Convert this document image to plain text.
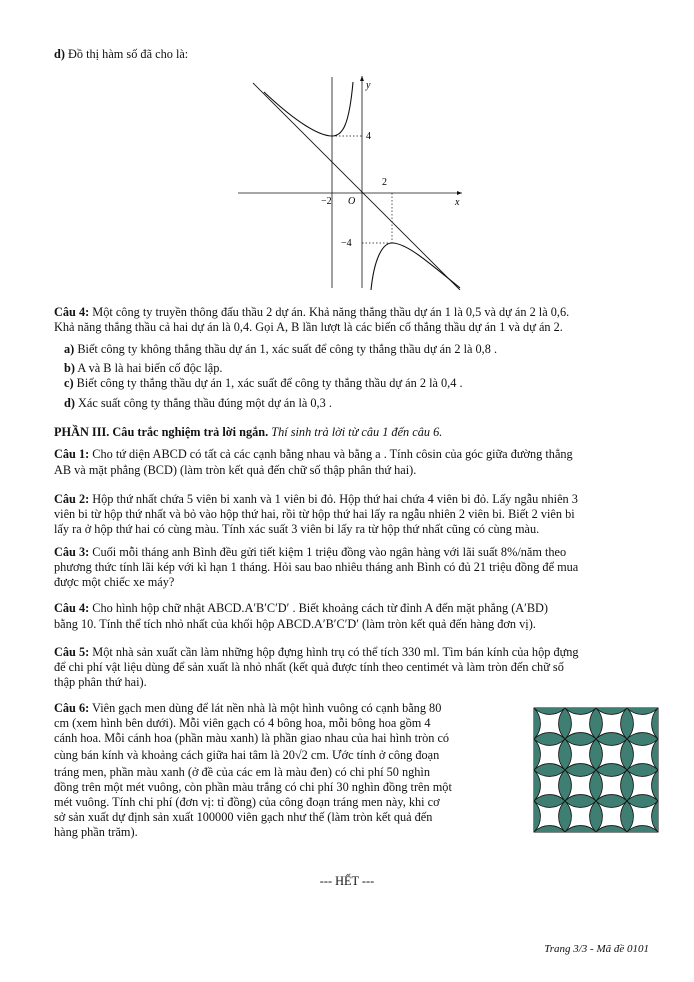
d) Đồ thị hàm số đã cho là:
y
x
4
2
−2 O
−4
Câu 4: Một công ty truyền thông đấu thầu 2 dự án. Khả năng thắng thầu dự án 1 là 0,5 và dự án 2 là 0,6.
Khả năng thắng thầu cả hai dự án là 0,4. Gọi A, B lần lượt là các biến cố thắng thầu dự án 1 và dự án 2.
a) Biết công ty không thắng thầu dự án 1, xác suất để công ty thắng thầu dự án 2 là 0,8 .
b) A và B là hai biến cố độc lập.
c) Biết công ty thắng thầu dự án 1, xác suất để công ty thắng thầu dự án 2 là 0,4 .
d) Xác suất công ty thắng thầu đúng một dự án là 0,3 .
PHẦN III. Câu trắc nghiệm trả lời ngắn. Thí sinh trả lời từ câu 1 đến câu 6.
Câu 1: Cho tứ diện ABCD có tất cả các cạnh bằng nhau và bằng a . Tính côsin của góc giữa đường thẳng
AB và mặt phẳng (BCD) (làm tròn kết quả đến chữ số thập phân thứ hai).
Câu 2: Hộp thứ nhất chứa 5 viên bi xanh và 1 viên bi đỏ. Hộp thứ hai chứa 4 viên bi đỏ. Lấy ngẫu nhiên 3
viên bi từ hộp thứ nhất và bỏ vào hộp thứ hai, rồi từ hộp thứ hai lấy ra ngẫu nhiên 2 viên bi. Biết 2 viên bi
lấy ra ở hộp thứ hai có cùng màu. Tính xác suất 3 viên bi lấy ra từ hộp thứ nhất cũng có cùng màu.
Câu 3: Cuối mỗi tháng anh Bình đều gửi tiết kiệm 1 triệu đồng vào ngân hàng với lãi suất 8%/năm theo
phương thức tính lãi kép với kì hạn 1 tháng. Hỏi sau bao nhiêu tháng anh Bình có đủ 21 triệu đồng để mua
được một chiếc xe máy?
Câu 4: Cho hình hộp chữ nhật ABCD.A′B′C′D′ . Biết khoảng cách từ đỉnh A đến mặt phẳng (A′BD)
bằng 10. Tính thể tích nhỏ nhất của khối hộp ABCD.A′B′C′D′ (làm tròn kết quả đến hàng đơn vị).
Câu 5: Một nhà sản xuất cần làm những hộp đựng hình trụ có thể tích 330 ml. Tìm bán kính của hộp đựng
để chi phí vật liệu dùng để sản xuất là nhỏ nhất (kết quả được tính theo centimét và làm tròn đến chữ số
thập phân thứ hai).
Câu 6: Viên gạch men dùng để lát nền nhà là một hình vuông có cạnh bằng 80
cm (xem hình bên dưới). Mỗi viên gạch có 4 bông hoa, mỗi bông hoa gồm 4
cánh hoa. Mỗi cánh hoa (phần màu xanh) là phần giao nhau của hai hình tròn có
cùng bán kính và khoảng cách giữa hai tâm là 20√2 cm. Ước tính ở công đoạn
tráng men, phần màu xanh (ở đề của các em là màu đen) có chi phí 50 nghìn
đồng trên một mét vuông, còn phần màu trắng có chi phí 30 nghìn đồng trên một
mét vuông. Tính chi phí (đơn vị: tỉ đồng) của công đoạn tráng men này, khi cơ
sở sản xuất dự định sản xuất 100000 viên gạch như thế (làm tròn kết quả đến
hàng phần trăm).
--- HẾT ---
Trang 3/3 - Mã đề 0101
